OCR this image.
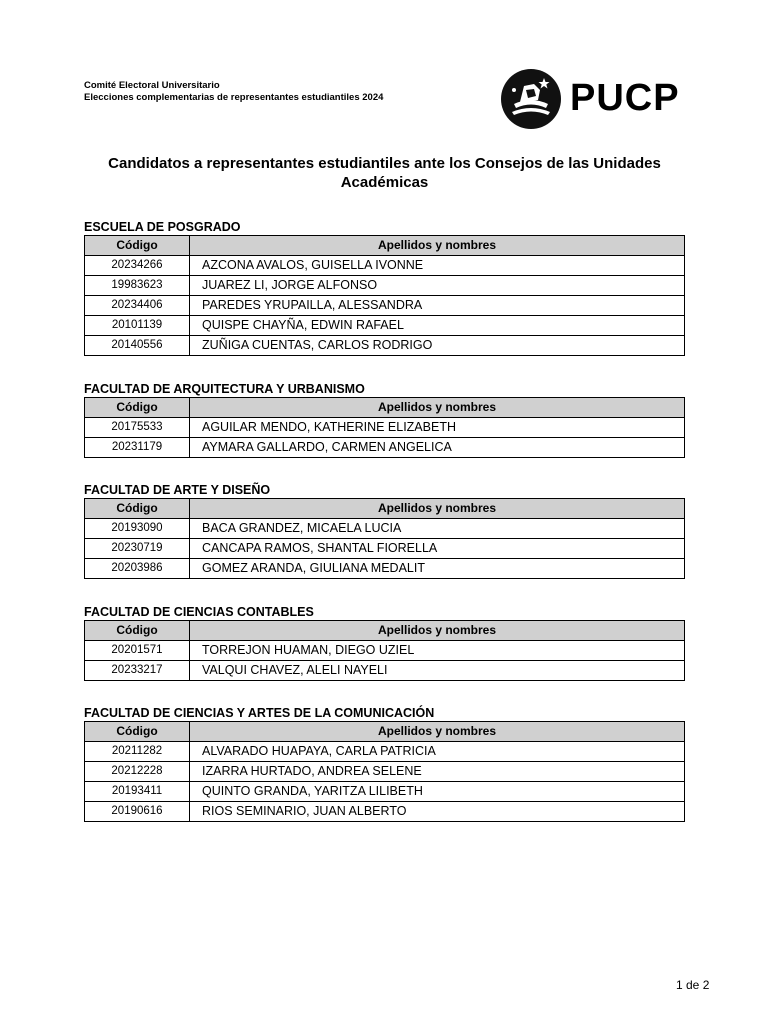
Comité Electoral Universitario
Elecciones complementarias de representantes estudiantiles 2024	PUCP
Candidatos a representantes estudiantiles ante los Consejos de las Unidades Académicas
ESCUELA DE POSGRADO
Código	Apellidos y nombres
20234266	AZCONA AVALOS, GUISELLA IVONNE
19983623	JUAREZ LI, JORGE ALFONSO
20234406	PAREDES YRUPAILLA, ALESSANDRA
20101139	QUISPE CHAYÑA, EDWIN RAFAEL
20140556	ZUÑIGA CUENTAS, CARLOS RODRIGO
FACULTAD DE ARQUITECTURA Y URBANISMO
Código	Apellidos y nombres
20175533	AGUILAR MENDO, KATHERINE ELIZABETH
20231179	AYMARA GALLARDO, CARMEN ANGELICA
FACULTAD DE ARTE Y DISEÑO
Código	Apellidos y nombres
20193090	BACA GRANDEZ, MICAELA LUCIA
20230719	CANCAPA RAMOS, SHANTAL FIORELLA
20203986	GOMEZ ARANDA, GIULIANA MEDALIT
FACULTAD DE CIENCIAS CONTABLES
Código	Apellidos y nombres
20201571	TORREJON HUAMAN, DIEGO UZIEL
20233217	VALQUI CHAVEZ, ALELI NAYELI
FACULTAD DE CIENCIAS Y ARTES DE LA COMUNICACIÓN
Código	Apellidos y nombres
20211282	ALVARADO HUAPAYA, CARLA PATRICIA
20212228	IZARRA HURTADO, ANDREA SELENE
20193411	QUINTO GRANDA, YARITZA LILIBETH
20190616	RIOS SEMINARIO, JUAN ALBERTO
1 de 2
